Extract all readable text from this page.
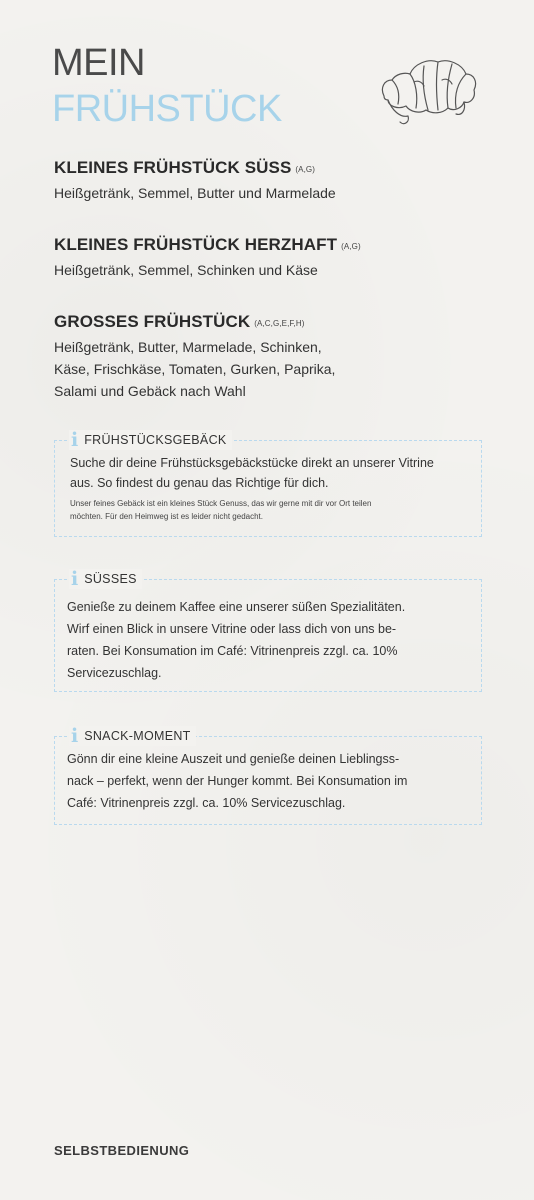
MEIN
FRÜHSTÜCK
KLEINES FRÜHSTÜCK SÜSS (A,G)
Heißgetränk, Semmel, Butter und Marmelade
KLEINES FRÜHSTÜCK HERZHAFT (A,G)
Heißgetränk, Semmel, Schinken und Käse
GROSSES FRÜHSTÜCK (A,C,G,E,F,H)
Heißgetränk, Butter, Marmelade, Schinken,
Käse, Frischkäse, Tomaten, Gurken, Paprika,
Salami und Gebäck nach Wahl
i FRÜHSTÜCKSGEBÄCK
Suche dir deine Frühstücksgebäckstücke direkt an unserer Vitrine
aus. So findest du genau das Richtige für dich.
Unser feines Gebäck ist ein kleines Stück Genuss, das wir gerne mit dir vor Ort teilen
möchten. Für den Heimweg ist es leider nicht gedacht.
i SÜSSES
Genieße zu deinem Kaffee eine unserer süßen Spezialitäten.
Wirf einen Blick in unsere Vitrine oder lass dich von uns be-
raten. Bei Konsumation im Café: Vitrinenpreis zzgl. ca. 10%
Servicezuschlag.
i SNACK-MOMENT
Gönn dir eine kleine Auszeit und genieße deinen Lieblingss-
nack – perfekt, wenn der Hunger kommt. Bei Konsumation im
Café: Vitrinenpreis zzgl. ca. 10% Servicezuschlag.
SELBSTBEDIENUNG
